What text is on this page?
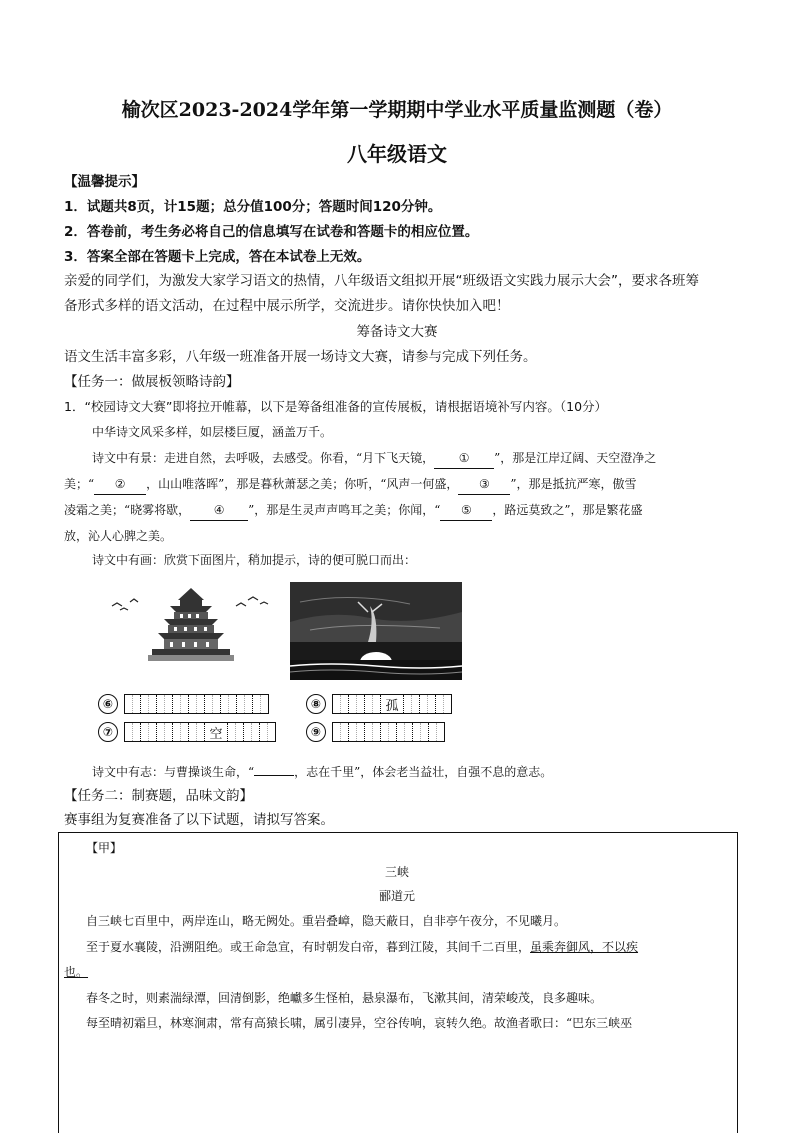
榆次区2023-2024学年第一学期期中学业水平质量监测题（卷）
八年级语文
【温馨提示】
1．试题共8页，计15题；总分值100分；答题时间120分钟。
2．答卷前，考生务必将自己的信息填写在试卷和答题卡的相应位置。
3．答案全部在答题卡上完成，答在本试卷上无效。
亲爱的同学们，为激发大家学习语文的热情，八年级语文组拟开展“班级语文实践力展示大会”，要求各班筹
备形式多样的语文活动，在过程中展示所学，交流进步。请你快快加入吧！
筹备诗文大赛
语文生活丰富多彩，八年级一班准备开展一场诗文大赛，请参与完成下列任务。
【任务一：做展板领略诗韵】
1．“校园诗文大赛”即将拉开帷幕，以下是筹备组准备的宣传展板，请根据语境补写内容。（10分）
中华诗文风采多样，如层楼巨厦，涵盖万千。
诗文中有景：走进自然，去呼吸，去感受。你看，“月下飞天镜， ① ”，那是江岸辽阔、天空澄净之
美；“ ② ，山山唯落晖”，那是暮秋萧瑟之美；你听，“风声一何盛， ③ ”，那是抵抗严寒，傲雪
凌霜之美；“晓雾将歇， ④ ”，那是生灵声声鸣耳之美；你闻，“ ⑤ ，路远莫致之”，那是繁花盛
放，沁人心脾之美。
诗文中有画：欣赏下面图片，稍加提示，诗的便可脱口而出：
⑥
⑦	空
⑧	孤
⑨
诗文中有志：与曹操谈生命，“	，志在千里”，体会老当益壮，自强不息的意志。
【任务二：制赛题，品味文韵】
赛事组为复赛准备了以下试题，请拟写答案。
【甲】
三峡
郦道元
自三峡七百里中，两岸连山，略无阙处。重岩叠嶂，隐天蔽日，自非亭午夜分，不见曦月。
至于夏水襄陵，沿溯阻绝。或王命急宣，有时朝发白帝，暮到江陵，其间千二百里，虽乘奔御风，不以疾
也。
春冬之时，则素湍绿潭，回清倒影，绝巘多生怪柏，悬泉瀑布，飞漱其间，清荣峻茂，良多趣味。
每至晴初霜旦，林寒涧肃，常有高猿长啸，属引凄异，空谷传响，哀转久绝。故渔者歌曰：“巴东三峡巫
